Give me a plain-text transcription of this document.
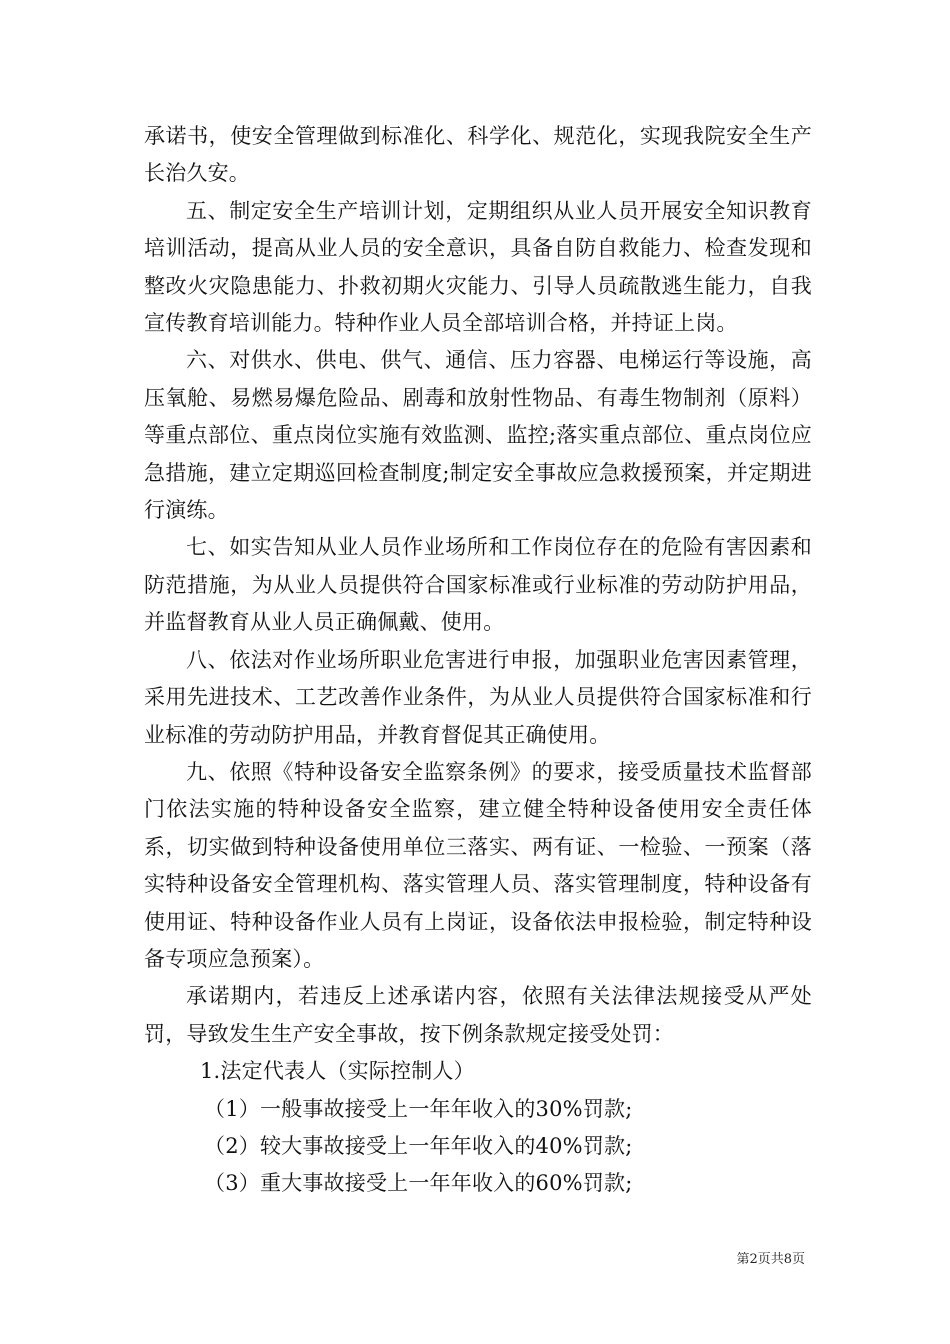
承诺书，使安全管理做到标准化、科学化、规范化，实现我院安全生产长治久安。

五、制定安全生产培训计划，定期组织从业人员开展安全知识教育培训活动，提高从业人员的安全意识，具备自防自救能力、检查发现和整改火灾隐患能力、扑救初期火灾能力、引导人员疏散逃生能力，自我宣传教育培训能力。特种作业人员全部培训合格，并持证上岗。

六、对供水、供电、供气、通信、压力容器、电梯运行等设施，高压氧舱、易燃易爆危险品、剧毒和放射性物品、有毒生物制剂（原料）等重点部位、重点岗位实施有效监测、监控;落实重点部位、重点岗位应急措施，建立定期巡回检查制度;制定安全事故应急救援预案，并定期进行演练。

七、如实告知从业人员作业场所和工作岗位存在的危险有害因素和防范措施，为从业人员提供符合国家标准或行业标准的劳动防护用品，并监督教育从业人员正确佩戴、使用。

八、依法对作业场所职业危害进行申报，加强职业危害因素管理，采用先进技术、工艺改善作业条件，为从业人员提供符合国家标准和行业标准的劳动防护用品，并教育督促其正确使用。

九、依照《特种设备安全监察条例》的要求，接受质量技术监督部门依法实施的特种设备安全监察，建立健全特种设备使用安全责任体系，切实做到特种设备使用单位三落实、两有证、一检验、一预案（落实特种设备安全管理机构、落实管理人员、落实管理制度，特种设备有使用证、特种设备作业人员有上岗证，设备依法申报检验，制定特种设备专项应急预案）。

承诺期内，若违反上述承诺内容，依照有关法律法规接受从严处罚，导致发生生产安全事故，按下例条款规定接受处罚：

1.法定代表人（实际控制人）

（1）一般事故接受上一年年收入的30%罚款;

（2）较大事故接受上一年年收入的40%罚款;

（3）重大事故接受上一年年收入的60%罚款;

第2页共8页
